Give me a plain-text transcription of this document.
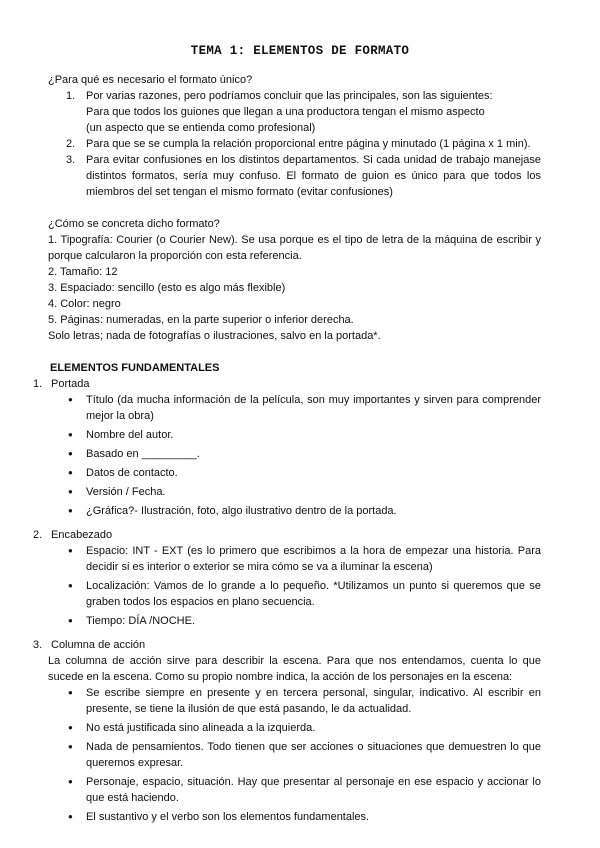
TEMA 1: ELEMENTOS DE FORMATO

¿Para qué es necesario el formato único?

1. Por varias razones, pero podríamos concluir que las principales, son las siguientes:

Para que todos los guiones que llegan a una productora tengan el mismo aspecto

(un aspecto que se entienda como profesional)

2. Para que se se cumpla la relación proporcional entre página y minutado (1 página x 1 min).

3. Para evitar confusiones en los distintos departamentos. Si cada unidad de trabajo manejase distintos formatos, sería muy confuso. El formato de guion es único para que todos los miembros del set tengan el mismo formato (evitar confusiones)

¿Cómo se concreta dicho formato?

1. Tipografía: Courier (o Courier New). Se usa porque es el tipo de letra de la máquina de escribir y porque calcularon la proporción con esta referencia.

2. Tamaño: 12

3. Espaciado: sencillo (esto es algo más flexible)

4. Color: negro

5. Páginas: numeradas, en la parte superior o inferior derecha.

Solo letras; nada de fotografías o ilustraciones, salvo en la portada*.

ELEMENTOS FUNDAMENTALES

1. Portada
●	Título (da mucha información de la película, son muy importantes y sirven para comprender mejor la obra)
●	Nombre del autor.
●	Basado en _________.
●	Datos de contacto.
●	Versión / Fecha.
●	¿Gráfica?- Ilustración, foto, algo ilustrativo dentro de la portada.
2. Encabezado
●	Espacio: INT - EXT (es lo primero que escribimos a la hora de empezar una historia. Para decidir si es interior o exterior se mira cómo se va a iluminar la escena)
●	Localización: Vamos de lo grande a lo pequeño. *Utilizamos un punto si queremos que se graben todos los espacios en plano secuencia.
●	Tiempo: DÍA /NOCHE.
3. Columna de acción

La columna de acción sirve para describir la escena. Para que nos entendamos, cuenta lo que sucede en la escena. Como su propio nombre indica, la acción de los personajes en la escena:

●	Se escribe siempre en presente y en tercera personal, singular, indicativo. Al escribir en presente, se tiene la ilusión de que está pasando, le da actualidad.
●	No está justificada sino alineada a la izquierda.
●	Nada de pensamientos. Todo tienen que ser acciones o situaciones que demuestren lo que queremos expresar.
●	Personaje, espacio, situación. Hay que presentar al personaje en ese espacio y accionar lo que está haciendo.
●	El sustantivo y el verbo son los elementos fundamentales.
